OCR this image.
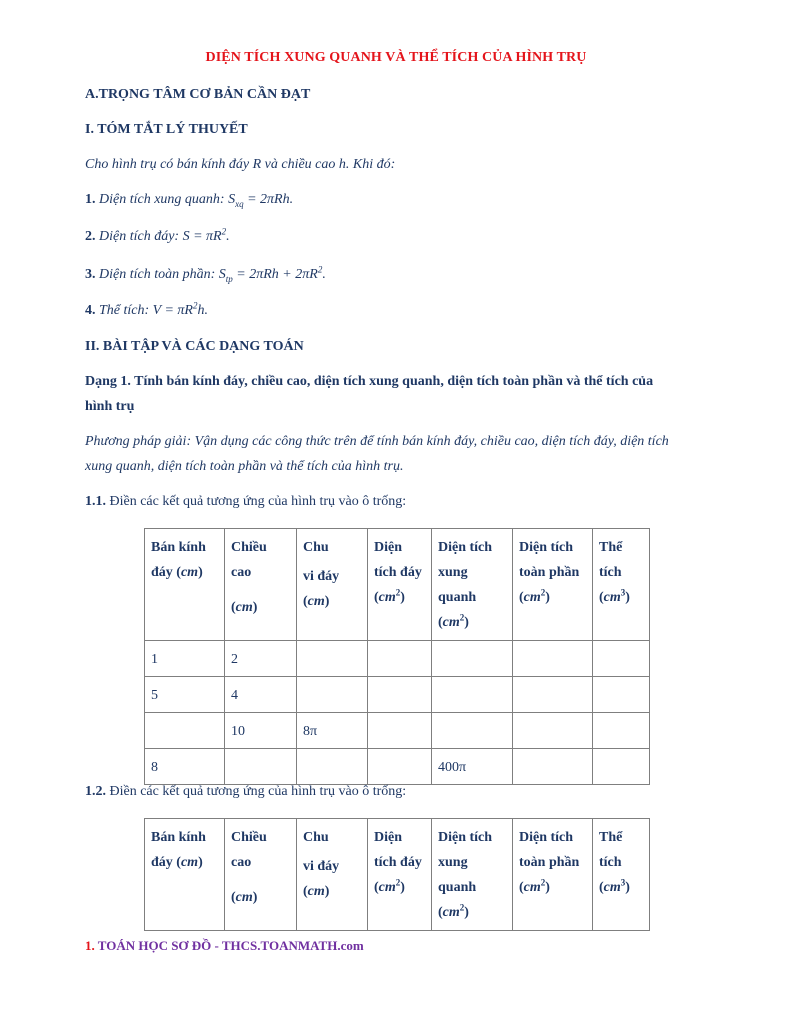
DIỆN TÍCH XUNG QUANH VÀ THỂ TÍCH CỦA HÌNH TRỤ
A.TRỌNG TÂM CƠ BẢN CẦN ĐẠT
I. TÓM TẮT LÝ THUYẾT
Cho hình trụ có bán kính đáy R và chiều cao h. Khi đó:
1. Diện tích xung quanh: $S_{xq} = 2\pi Rh$.
2. Diện tích đáy: $S = \pi R^2$.
3. Diện tích toàn phần: $S_{tp} = 2\pi Rh + 2\pi R^2$.
4. Thể tích: $V = \pi R^2h$.
II. BÀI TẬP VÀ CÁC DẠNG TOÁN
Dạng 1. Tính bán kính đáy, chiều cao, diện tích xung quanh, diện tích toàn phần và thể tích của
hình trụ
Phương pháp giải: Vận dụng các công thức trên để tính bán kính đáy, chiều cao, diện tích đáy, diện tích
xung quanh, diện tích toàn phần và thể tích của hình trụ.
1.1. Điền các kết quả tương ứng của hình trụ vào ô trống:
Bán kính
đáy (cm)	Chiều
cao

(cm)	Chu

vi đáy
(cm)	Diện
tích đáy
$(cm^2)$	Diện tích
xung
quanh
$(cm^2)$	Diện tích
toàn phần
$(cm^2)$	Thể
tích
$(cm^3)$
1	2					
5	4					
	10	8π				
8				400π		
1.2. Điền các kết quả tương ứng của hình trụ vào ô trống:
Bán kính
đáy (cm)	Chiều
cao

(cm)
	Chu

vi đáy
(cm)	Diện
tích đáy
$(cm^2)$	Diện tích
xung
quanh
$(cm^2)$	Diện tích
toàn phần
$(cm^2)$	Thể
tích
$(cm^3)$
1. TOÁN HỌC SƠ ĐỒ - THCS.TOANMATH.com
